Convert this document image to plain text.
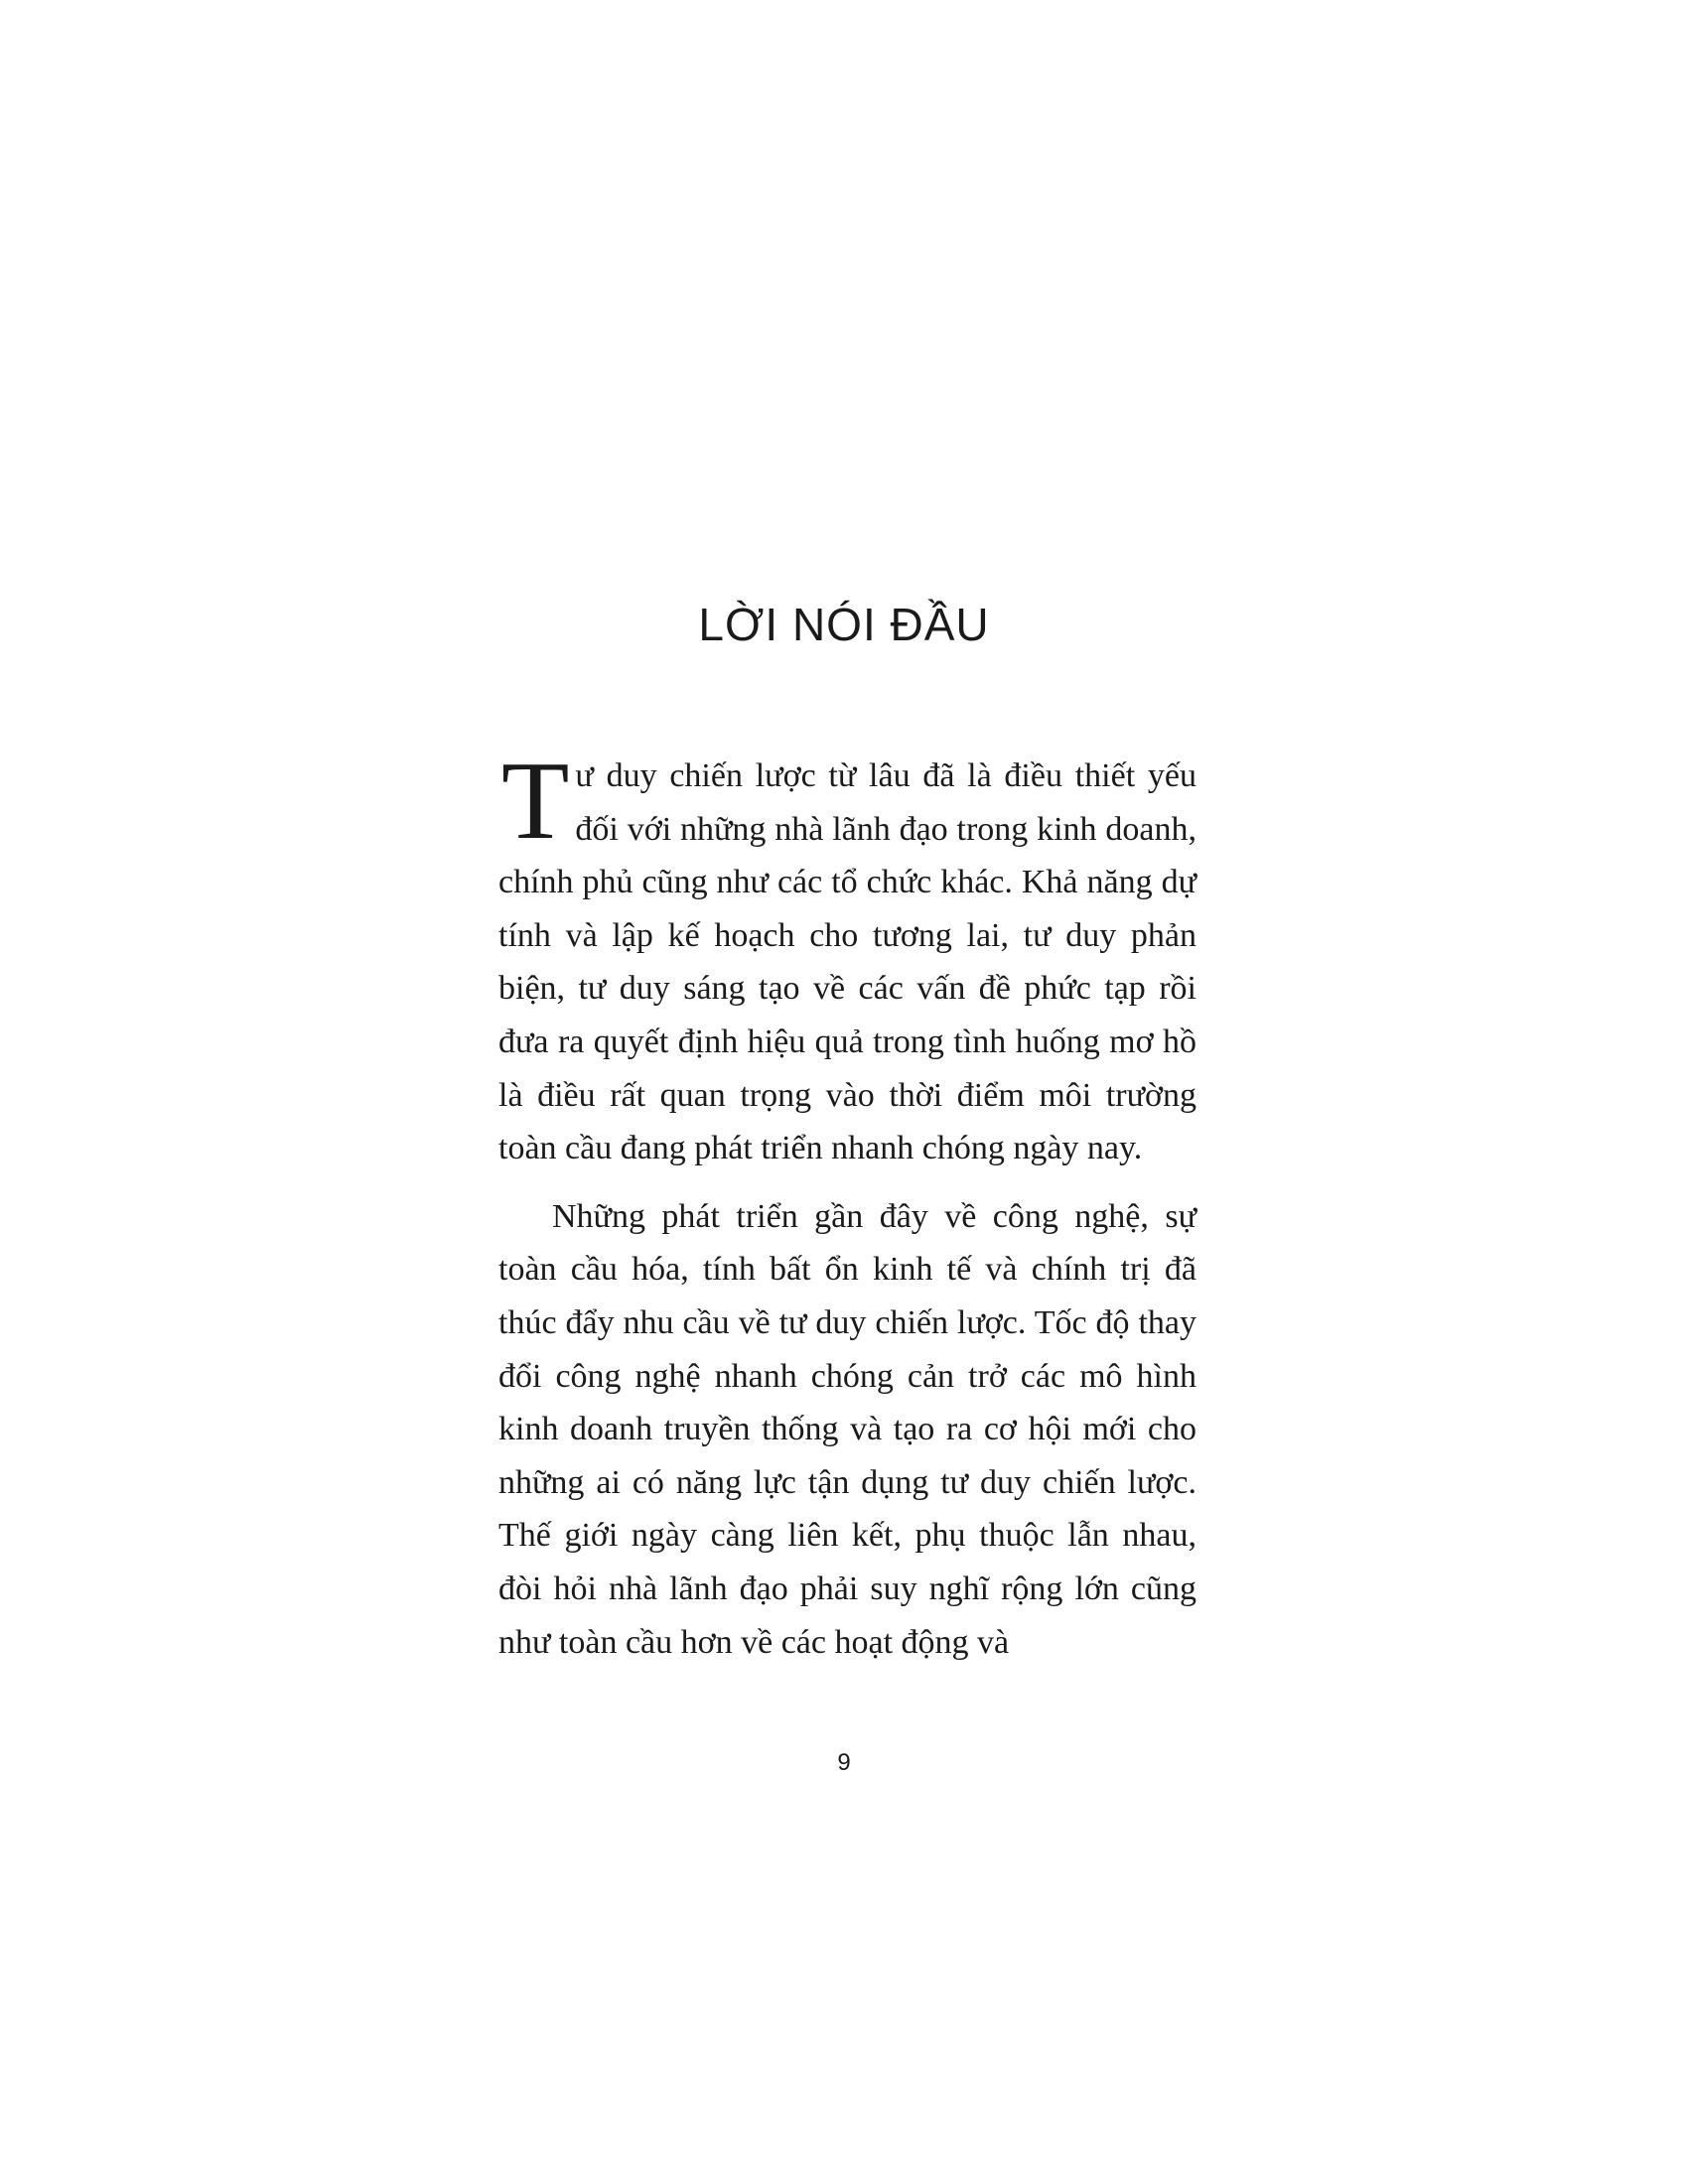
LỜI NÓI ĐẦU

Tư duy chiến lược từ lâu đã là điều thiết yếu đối với những nhà lãnh đạo trong kinh doanh, chính phủ cũng như các tổ chức khác. Khả năng dự tính và lập kế hoạch cho tương lai, tư duy phản biện, tư duy sáng tạo về các vấn đề phức tạp rồi đưa ra quyết định hiệu quả trong tình huống mơ hồ là điều rất quan trọng vào thời điểm môi trường toàn cầu đang phát triển nhanh chóng ngày nay.

Những phát triển gần đây về công nghệ, sự toàn cầu hóa, tính bất ổn kinh tế và chính trị đã thúc đẩy nhu cầu về tư duy chiến lược. Tốc độ thay đổi công nghệ nhanh chóng cản trở các mô hình kinh doanh truyền thống và tạo ra cơ hội mới cho những ai có năng lực tận dụng tư duy chiến lược. Thế giới ngày càng liên kết, phụ thuộc lẫn nhau, đòi hỏi nhà lãnh đạo phải suy nghĩ rộng lớn cũng như toàn cầu hơn về các hoạt động và

9
